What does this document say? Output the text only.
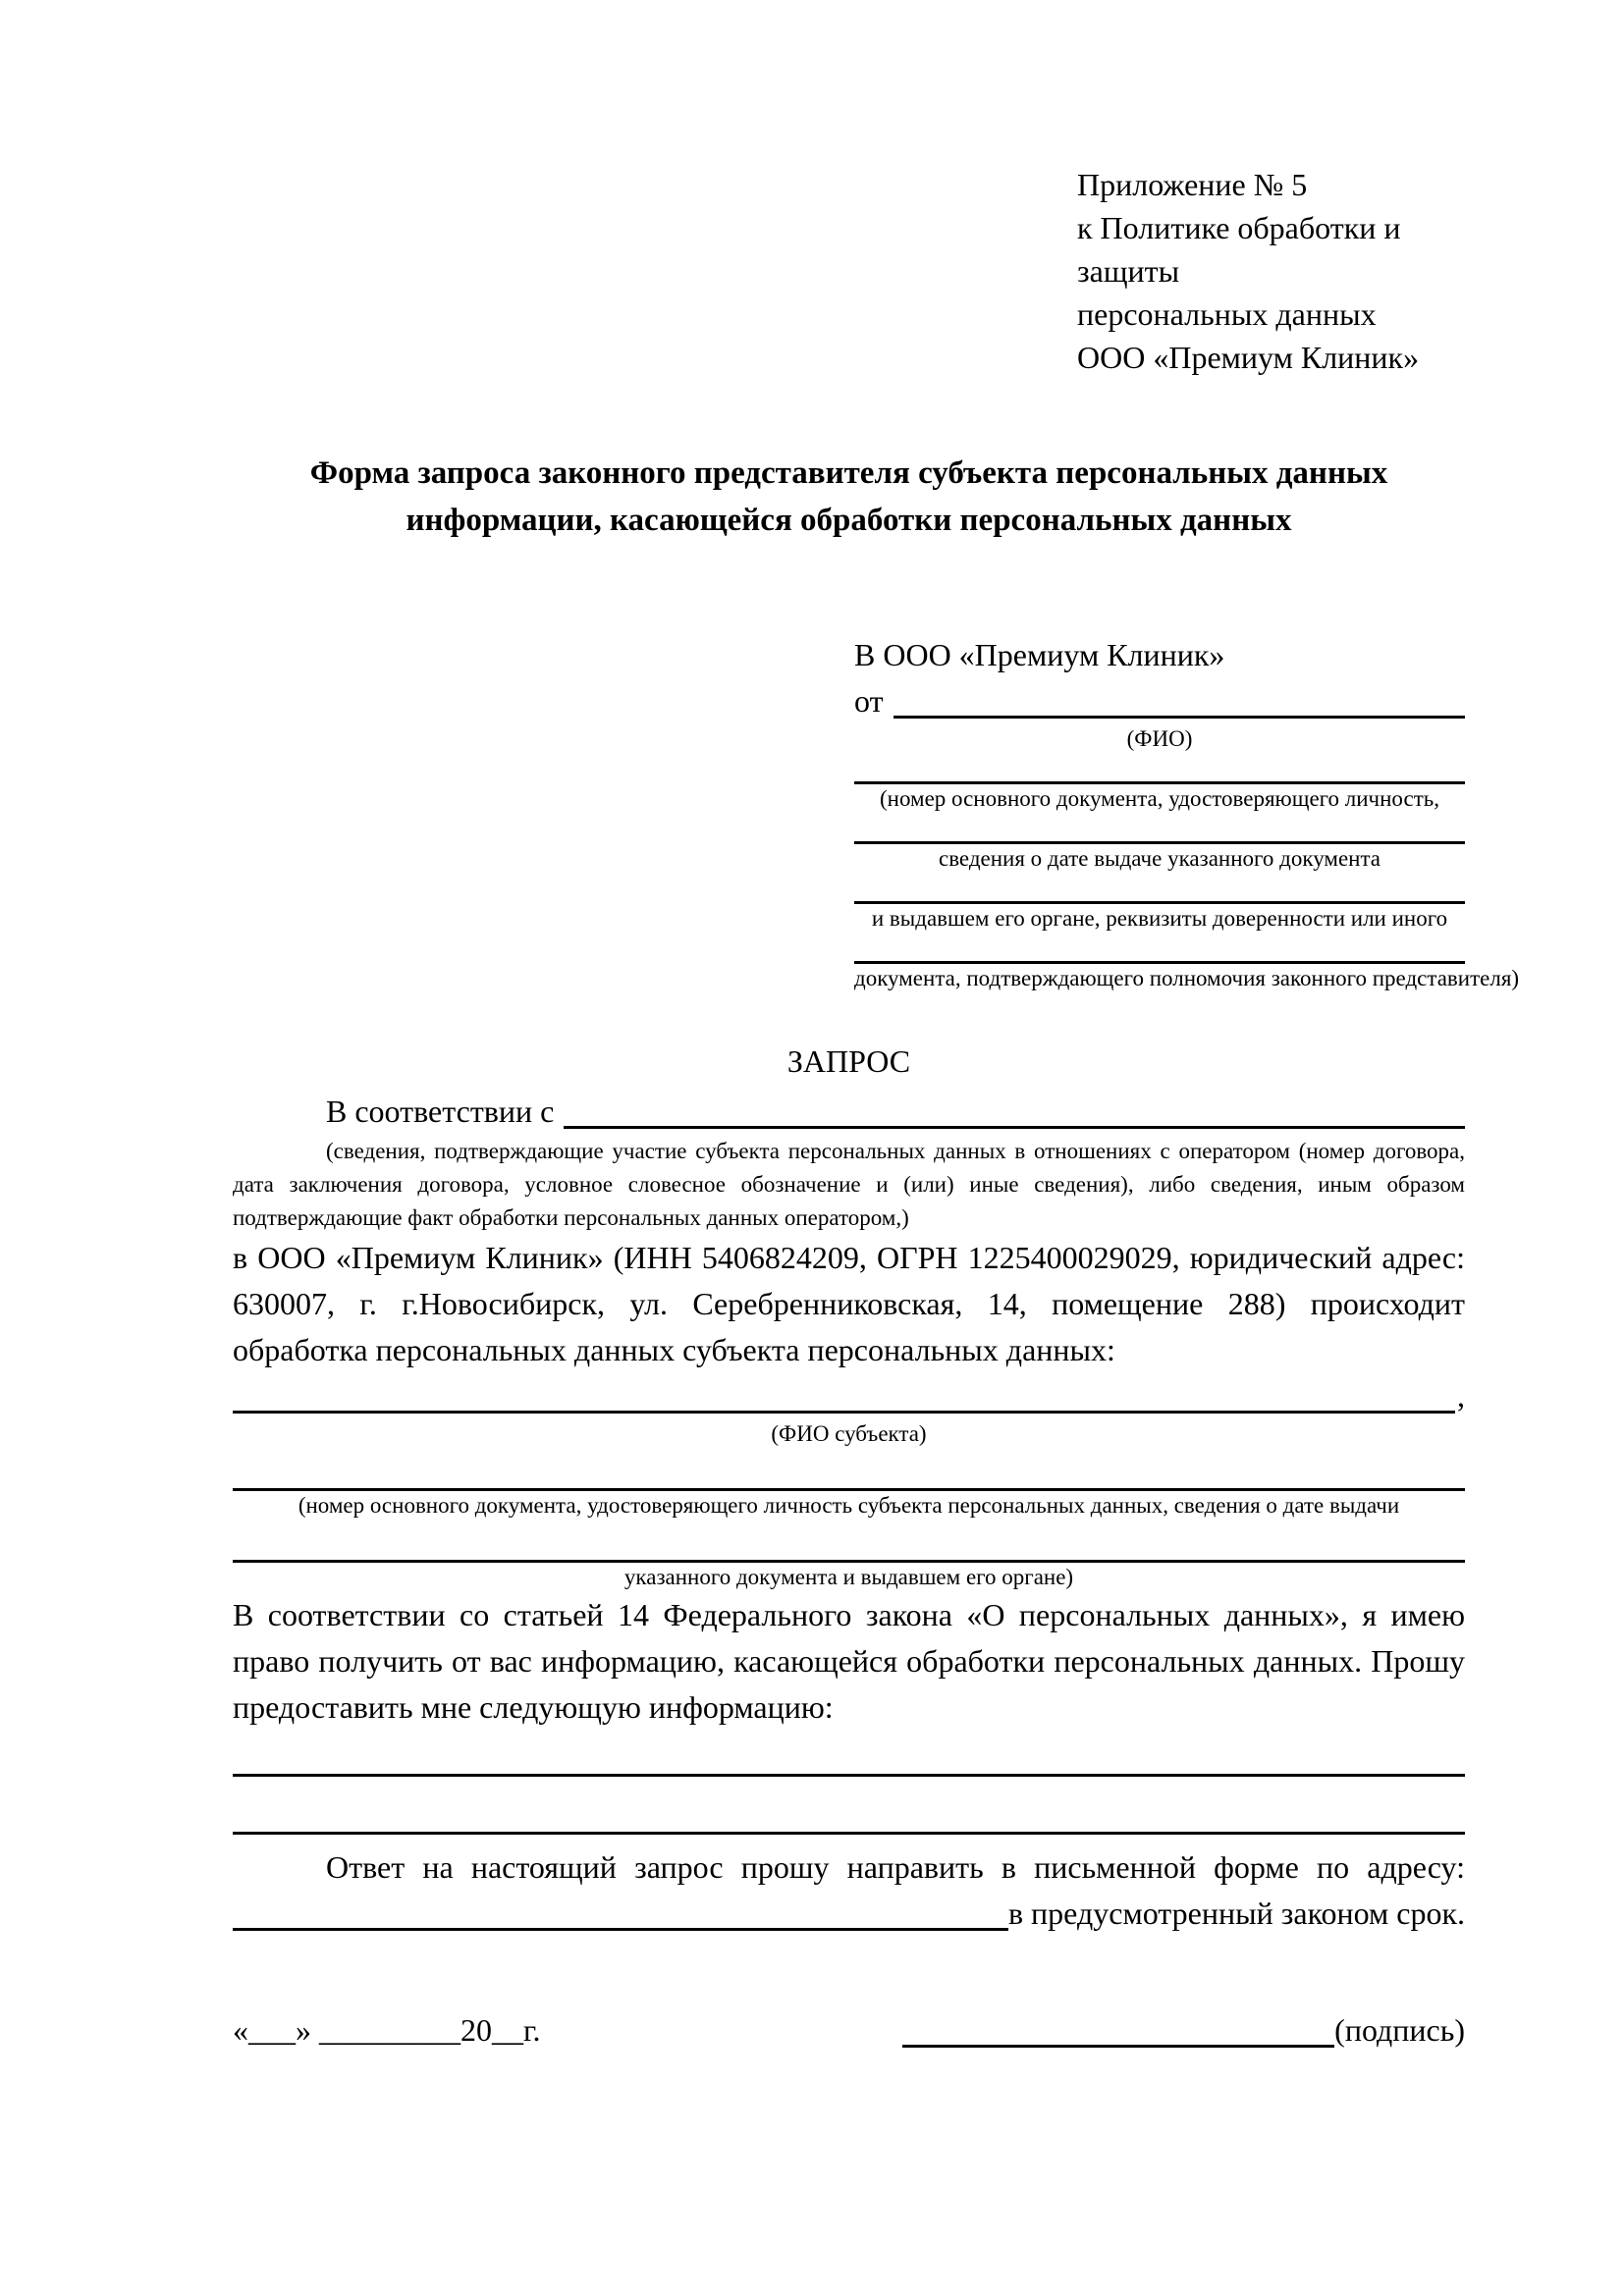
Приложение № 5
к Политике обработки и защиты
персональных данных
ООО «Премиум Клиник»
Форма запроса законного представителя субъекта персональных данных информации, касающейся обработки персональных данных
В ООО «Премиум Клиник»
от
(ФИО)
(номер основного документа, удостоверяющего личность,
сведения о дате выдаче указанного документа
и выдавшем его органе, реквизиты доверенности или иного
документа, подтверждающего полномочия законного представителя)
ЗАПРОС
В соответствии с
(сведения, подтверждающие участие субъекта персональных данных в отношениях с оператором (номер договора, дата заключения договора, условное словесное обозначение и (или) иные сведения), либо сведения, иным образом подтверждающие факт обработки персональных данных оператором,)

в ООО «Премиум Клиник» (ИНН 5406824209, ОГРН 1225400029029, юридический адрес: 630007, г. г.Новосибирск, ул. Серебренниковская, 14, помещение 288) происходит обработка персональных данных субъекта персональных данных:

,
(ФИО субъекта)
(номер основного документа, удостоверяющего личность субъекта персональных данных, сведения о дате выдачи
указанного документа и выдавшем его органе)

В соответствии со статьей 14 Федерального закона «О персональных данных», я имею право получить от вас информацию, касающейся обработки персональных данных. Прошу предоставить мне следующую информацию:

Ответ на настоящий запрос прошу направить в письменной форме по адресу:

в предусмотренный законом срок.
«___» _________20__г.	(подпись)
